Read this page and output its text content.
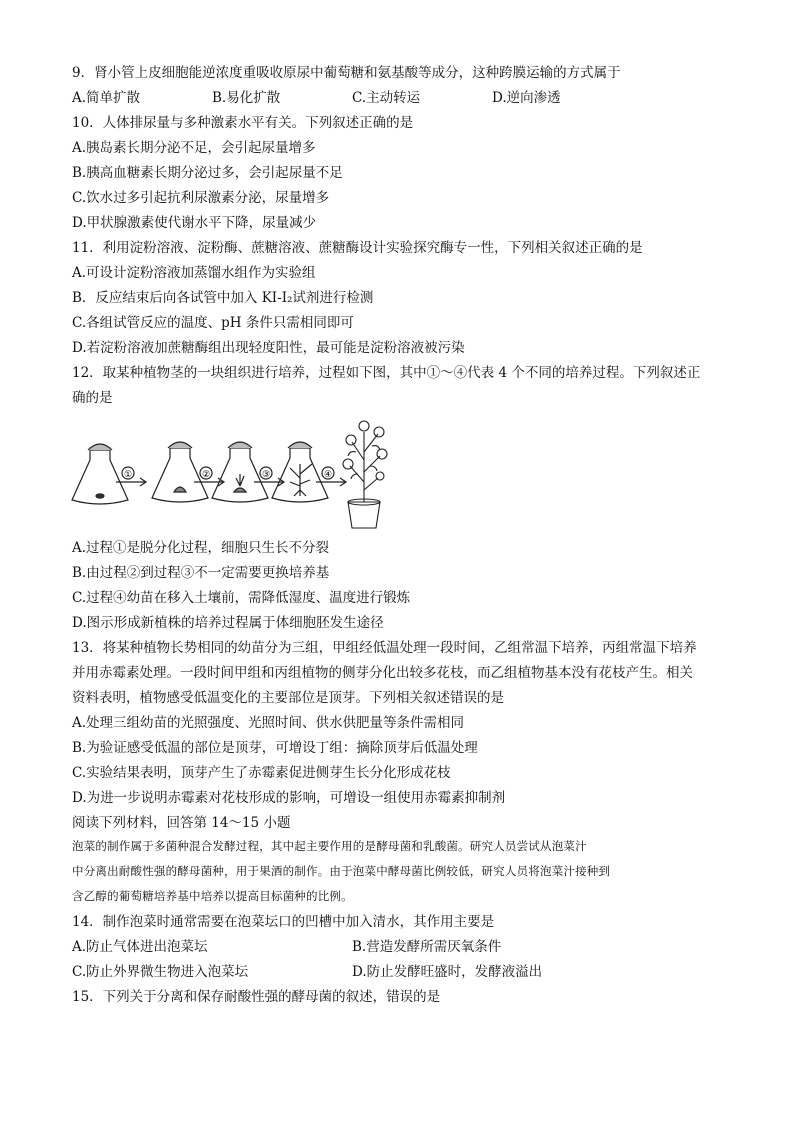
9．肾小管上皮细胞能逆浓度重吸收原尿中葡萄糖和氨基酸等成分，这种跨膜运输的方式属于
A.简单扩散	B.易化扩散	C.主动转运	D.逆向渗透
10．人体排尿量与多种激素水平有关。下列叙述正确的是
A.胰岛素长期分泌不足，会引起尿量增多
B.胰高血糖素长期分泌过多，会引起尿量不足
C.饮水过多引起抗利尿激素分泌，尿量增多
D.甲状腺激素使代谢水平下降，尿量减少
11．利用淀粉溶液、淀粉酶、蔗糖溶液、蔗糖酶设计实验探究酶专一性，下列相关叙述正确的是
A.可设计淀粉溶液加蒸馏水组作为实验组
B．反应结束后向各试管中加入 KI-I₂试剂进行检测
C.各组试管反应的温度、pH 条件只需相同即可
D.若淀粉溶液加蔗糖酶组出现轻度阳性，最可能是淀粉溶液被污染
12．取某种植物茎的一块组织进行培养，过程如下图，其中①～④代表 4 个不同的培养过程。下列叙述正
确的是
①	②	③	④
A.过程①是脱分化过程，细胞只生长不分裂
B.由过程②到过程③不一定需要更换培养基
C.过程④幼苗在移入土壤前，需降低湿度、温度进行锻炼
D.图示形成新植株的培养过程属于体细胞胚发生途径
13．将某种植物长势相同的幼苗分为三组，甲组经低温处理一段时间，乙组常温下培养，丙组常温下培养
并用赤霉素处理。一段时间甲组和丙组植物的侧芽分化出较多花枝，而乙组植物基本没有花枝产生。相关
资料表明，植物感受低温变化的主要部位是顶芽。下列相关叙述错误的是
A.处理三组幼苗的光照强度、光照时间、供水供肥量等条件需相同
B.为验证感受低温的部位是顶芽，可增设丁组：摘除顶芽后低温处理
C.实验结果表明，顶芽产生了赤霉素促进侧芽生长分化形成花枝
D.为进一步说明赤霉素对花枝形成的影响，可增设一组使用赤霉素抑制剂
阅读下列材料，回答第 14～15 小题
泡菜的制作属于多菌种混合发酵过程，其中起主要作用的是酵母菌和乳酸菌。研究人员尝试从泡菜汁
中分离出耐酸性强的酵母菌种，用于果酒的制作。由于泡菜中酵母菌比例较低，研究人员将泡菜汁接种到
含乙醇的葡萄糖培养基中培养以提高目标菌种的比例。
14．制作泡菜时通常需要在泡菜坛口的凹槽中加入清水，其作用主要是
A.防止气体进出泡菜坛	B.营造发酵所需厌氧条件
C.防止外界微生物进入泡菜坛	D.防止发酵旺盛时，发酵液溢出
15．下列关于分离和保存耐酸性强的酵母菌的叙述，错误的是
